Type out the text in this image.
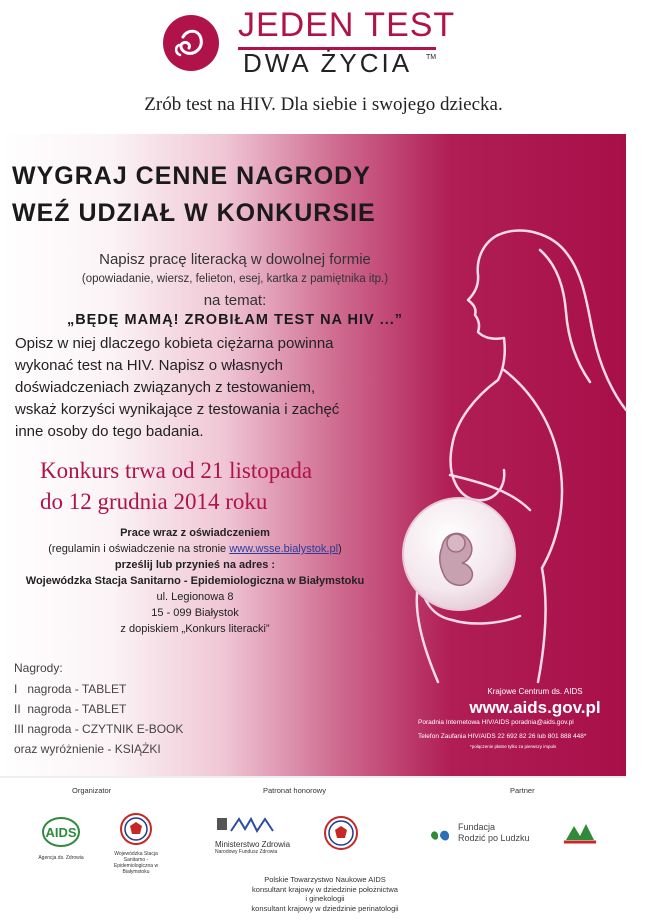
JEDEN TEST
DWA ŻYCIA TM
Zrób test na HIV. Dla siebie i swojego dziecka.
WYGRAJ CENNE NAGRODY
WEŹ UDZIAŁ W KONKURSIE
Napisz pracę literacką w dowolnej formie
(opowiadanie, wiersz, felieton, esej, kartka z pamiętnika itp.)
na temat:
„BĘDĘ MAMĄ! ZROBIŁAM TEST NA HIV ...”
Opisz w niej dlaczego kobieta ciężarna powinna
wykonać test na HIV. Napisz o własnych
doświadczeniach związanych z testowaniem,
wskaż korzyści wynikające z testowania i zachęć
inne osoby do tego badania.
Konkurs trwa od 21 listopada
do 12 grudnia 2014 roku
Prace wraz z oświadczeniem
(regulamin i oświadczenie na stronie www.wsse.bialystok.pl)
prześlij lub przynieś na adres :
Wojewódzka Stacja Sanitarno - Epidemiologiczna w Białymstoku
ul. Legionowa 8
15 - 099 Białystok
z dopiskiem „Konkurs literacki”
Nagrody:
I   nagroda - TABLET
II  nagroda - TABLET
III nagroda - CZYTNIK E-BOOK
oraz wyróżnienie - KSIĄŻKI
Krajowe Centrum ds. AIDS
www.aids.gov.pl
Poradnia Internetowa HIV/AIDS poradnia@aids.gov.pl
Telefon Zaufania HIV/AIDS 22 692 82 26 lub 801 888 448*
*połączenie płatne tylko za pierwszy impuls
Organizator	Patronat honorowy	Partner
AIDS
Agencja ds. Zdrowia
Wojewódzka Stacja Sanitarno - Epidemiologiczna w Białymstoku
Ministerstwo Zdrowia
Narodowy Fundusz Zdrowia
Fundacja
Rodzić po Ludzku
Polskie Towarzystwo Naukowe AIDS
konsultant krajowy w dziedzinie położnictwa
i ginekologii
konsultant krajowy w dziedzinie perinatologii
